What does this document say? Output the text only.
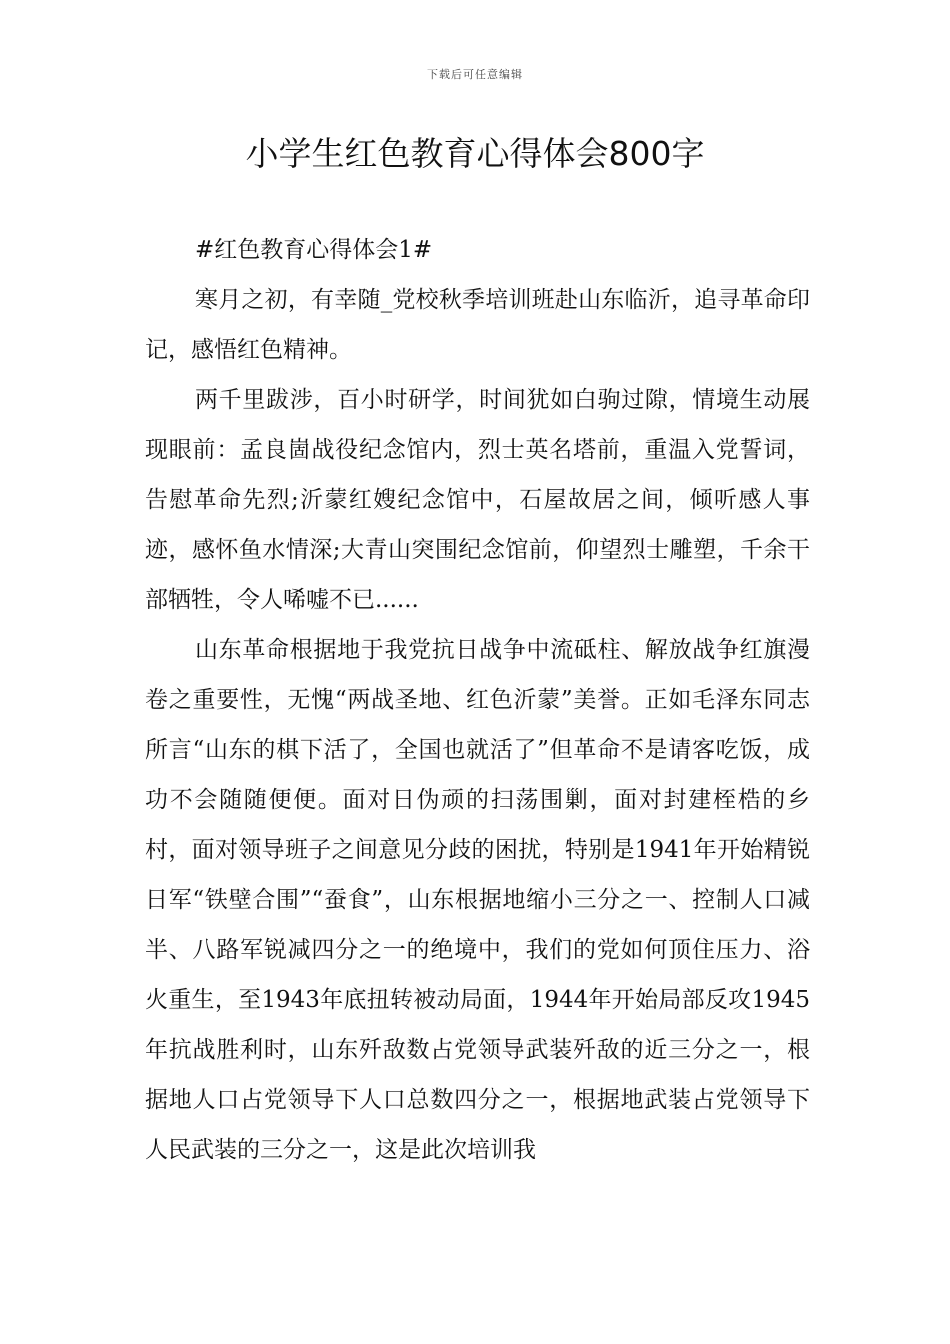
下载后可任意编辑
小学生红色教育心得体会800字

#红色教育心得体会1#

寒月之初，有幸随_党校秋季培训班赴山东临沂，追寻革命印记，感悟红色精神。

两千里跋涉，百小时研学，时间犹如白驹过隙，情境生动展现眼前：孟良崮战役纪念馆内，烈士英名塔前，重温入党誓词，告慰革命先烈;沂蒙红嫂纪念馆中，石屋故居之间，倾听感人事迹，感怀鱼水情深;大青山突围纪念馆前，仰望烈士雕塑，千余干部牺牲，令人唏嘘不已......

山东革命根据地于我党抗日战争中流砥柱、解放战争红旗漫卷之重要性，无愧“两战圣地、红色沂蒙”美誉。正如毛泽东同志所言“山东的棋下活了，全国也就活了”但革命不是请客吃饭，成功不会随随便便。面对日伪顽的扫荡围剿，面对封建桎梏的乡村，面对领导班子之间意见分歧的困扰，特别是1941年开始精锐日军“铁壁合围”“蚕食”，山东根据地缩小三分之一、控制人口减半、八路军锐减四分之一的绝境中，我们的党如何顶住压力、浴火重生，至1943年底扭转被动局面，1944年开始局部反攻1945年抗战胜利时，山东歼敌数占党领导武装歼敌的近三分之一，根据地人口占党领导下人口总数四分之一，根据地武装占党领导下人民武装的三分之一，这是此次培训我
